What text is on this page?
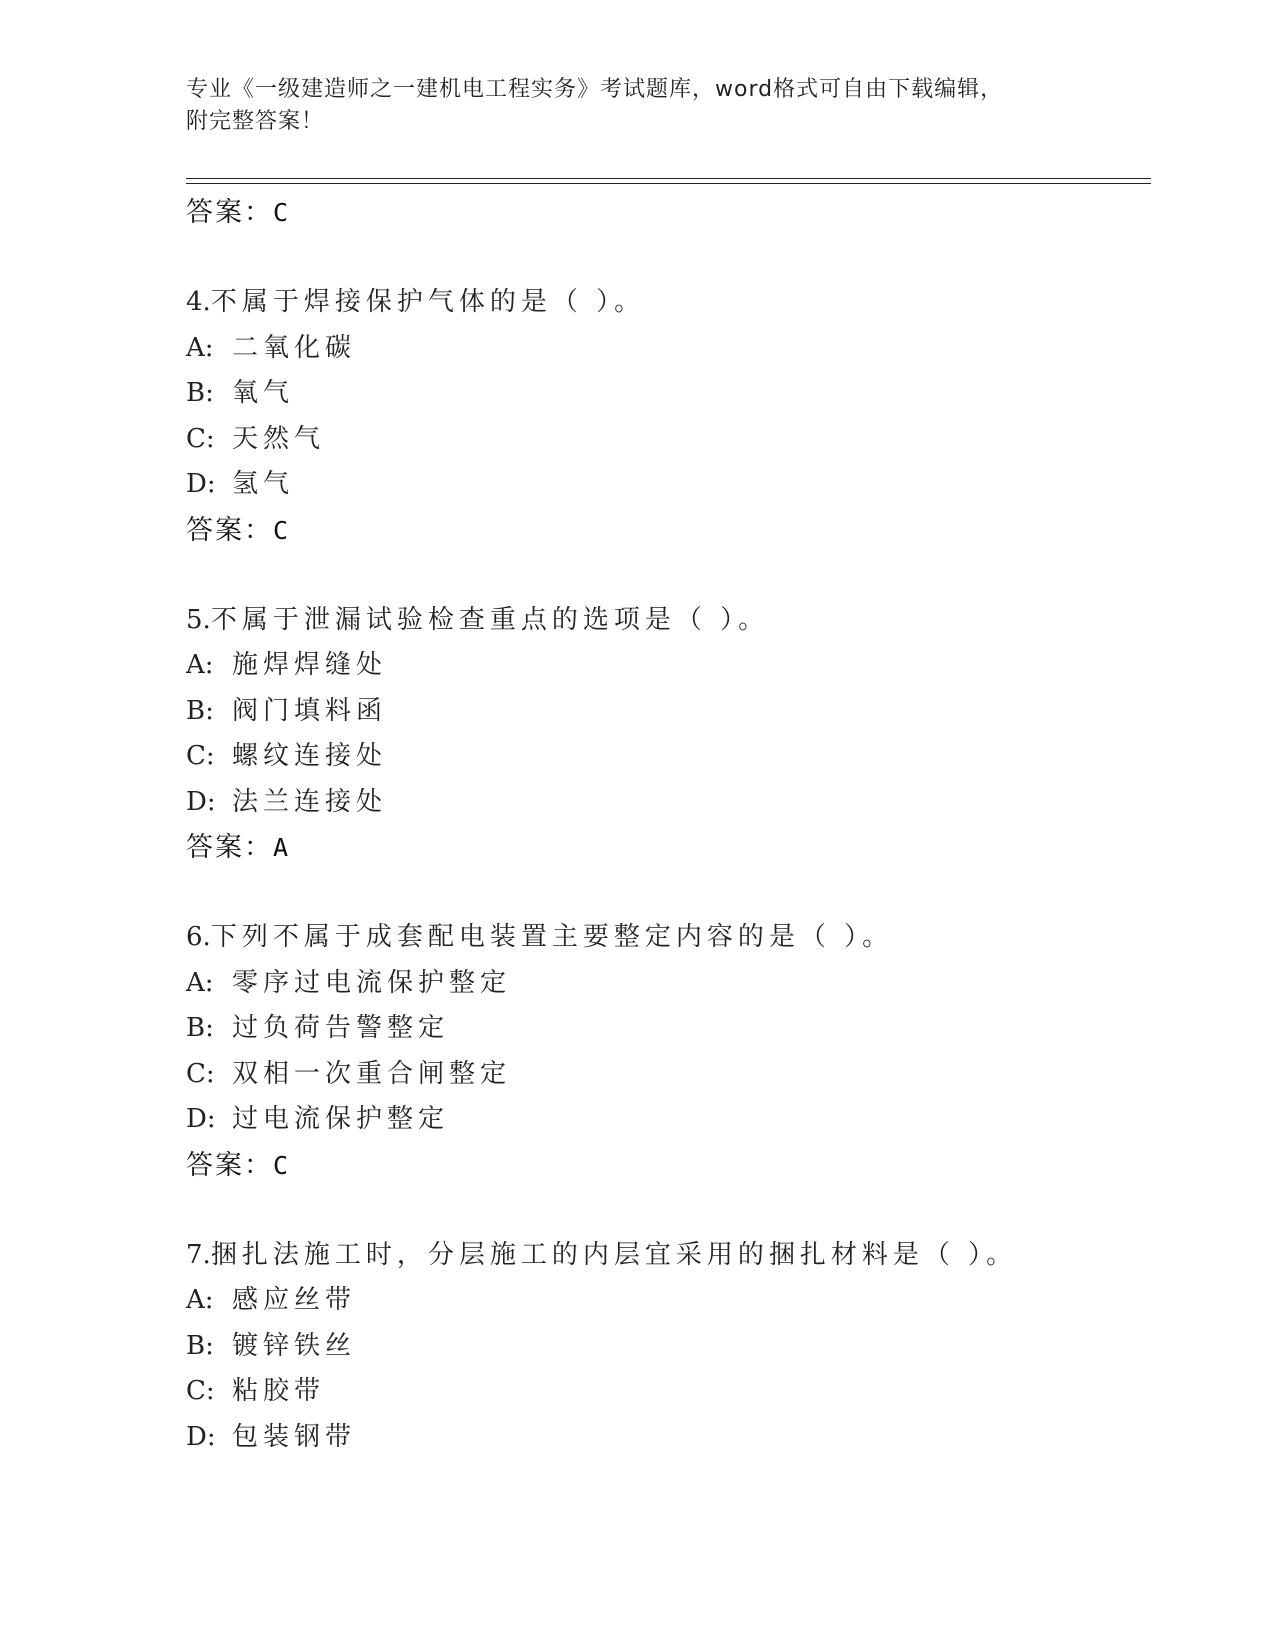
专业《一级建造师之一建机电工程实务》考试题库，word格式可自由下载编辑，
附完整答案！
答案：C
4.不属于焊接保护气体的是（ ）。
A: 二氧化碳
B: 氧气
C: 天然气
D: 氢气
答案：C
5.不属于泄漏试验检查重点的选项是（ ）。
A: 施焊焊缝处
B: 阀门填料函
C: 螺纹连接处
D: 法兰连接处
答案：A
6.下列不属于成套配电装置主要整定内容的是（ ）。
A: 零序过电流保护整定
B: 过负荷告警整定
C: 双相一次重合闸整定
D: 过电流保护整定
答案：C
7.捆扎法施工时，分层施工的内层宜采用的捆扎材料是（ ）。
A: 感应丝带
B: 镀锌铁丝
C: 粘胶带
D: 包装钢带
